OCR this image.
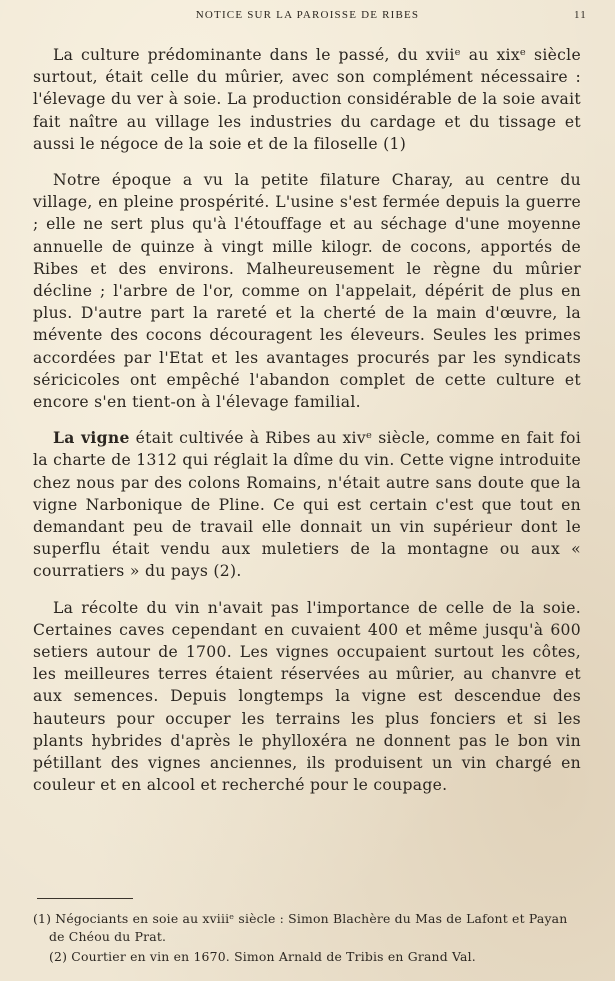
NOTICE SUR LA PAROISSE DE RIBES	11

La culture prédominante dans le passé, du xviiᵉ au xixᵉ siècle surtout, était celle du mûrier, avec son complément nécessaire : l'élevage du ver à soie. La production considérable de la soie avait fait naître au village les industries du cardage et du tissage et aussi le négoce de la soie et de la filoselle (1)

Notre époque a vu la petite filature Charay, au centre du village, en pleine prospérité. L'usine s'est fermée depuis la guerre ; elle ne sert plus qu'à l'étouffage et au séchage d'une moyenne annuelle de quinze à vingt mille kilogr. de cocons, apportés de Ribes et des environs. Malheureusement le règne du mûrier décline ; l'arbre de l'or, comme on l'appelait, dépérit de plus en plus. D'autre part la rareté et la cherté de la main d'œuvre, la mévente des cocons découragent les éleveurs. Seules les primes accordées par l'Etat et les avantages procurés par les syndicats séricicoles ont empêché l'abandon complet de cette culture et encore s'en tient-on à l'élevage familial.

La vigne était cultivée à Ribes au xivᵉ siècle, comme en fait foi la charte de 1312 qui réglait la dîme du vin. Cette vigne introduite chez nous par des colons Romains, n'était autre sans doute que la vigne Narbonique de Pline. Ce qui est certain c'est que tout en demandant peu de travail elle donnait un vin supérieur dont le superflu était vendu aux muletiers de la montagne ou aux « courratiers » du pays (2).

La récolte du vin n'avait pas l'importance de celle de la soie. Certaines caves cependant en cuvaient 400 et même jusqu'à 600 setiers autour de 1700. Les vignes occupaient surtout les côtes, les meilleures terres étaient réservées au mûrier, au chanvre et aux semences. Depuis longtemps la vigne est descendue des hauteurs pour occuper les terrains les plus fonciers et si les plants hybrides d'après le phylloxéra ne donnent pas le bon vin pétillant des vignes anciennes, ils produisent un vin chargé en couleur et en alcool et recherché pour le coupage.

(1) Négociants en soie au xviiiᵉ siècle : Simon Blachère du Mas de Lafont et Payan de Chéou du Prat.

(2) Courtier en vin en 1670. Simon Arnald de Tribis en Grand Val.
